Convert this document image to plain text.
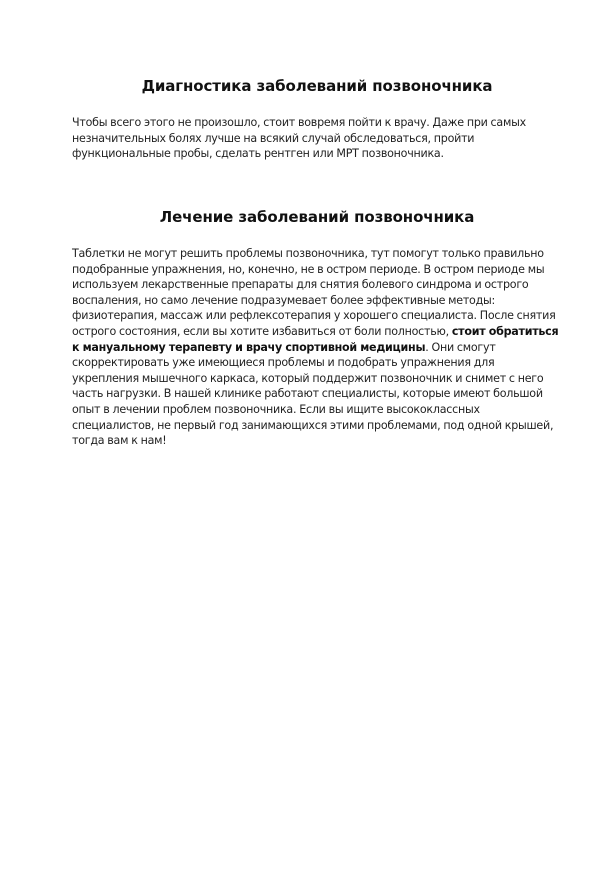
Диагностика заболеваний позвоночника

Чтобы всего этого не произошло, стоит вовремя пойти к врачу. Даже при самых незначительных болях лучше на всякий случай обследоваться, пройти функциональные пробы, сделать рентген или МРТ позвоночника.

Лечение заболеваний позвоночника

Таблетки не могут решить проблемы позвоночника, тут помогут только правильно подобранные упражнения, но, конечно, не в остром периоде. В остром периоде мы используем лекарственные препараты для снятия болевого синдрома и острого воспаления, но само лечение подразумевает более эффективные методы: физиотерапия, массаж или рефлексотерапия у хорошего специалиста. После снятия острого состояния, если вы хотите избавиться от боли полностью, стоит обратиться к мануальному терапевту и врачу спортивной медицины. Они смогут скорректировать уже имеющиеся проблемы и подобрать упражнения для укрепления мышечного каркаса, который поддержит позвоночник и снимет с него часть нагрузки. В нашей клинике работают специалисты, которые имеют большой опыт в лечении проблем позвоночника. Если вы ищите высококлассных специалистов, не первый год занимающихся этими проблемами, под одной крышей, тогда вам к нам!
